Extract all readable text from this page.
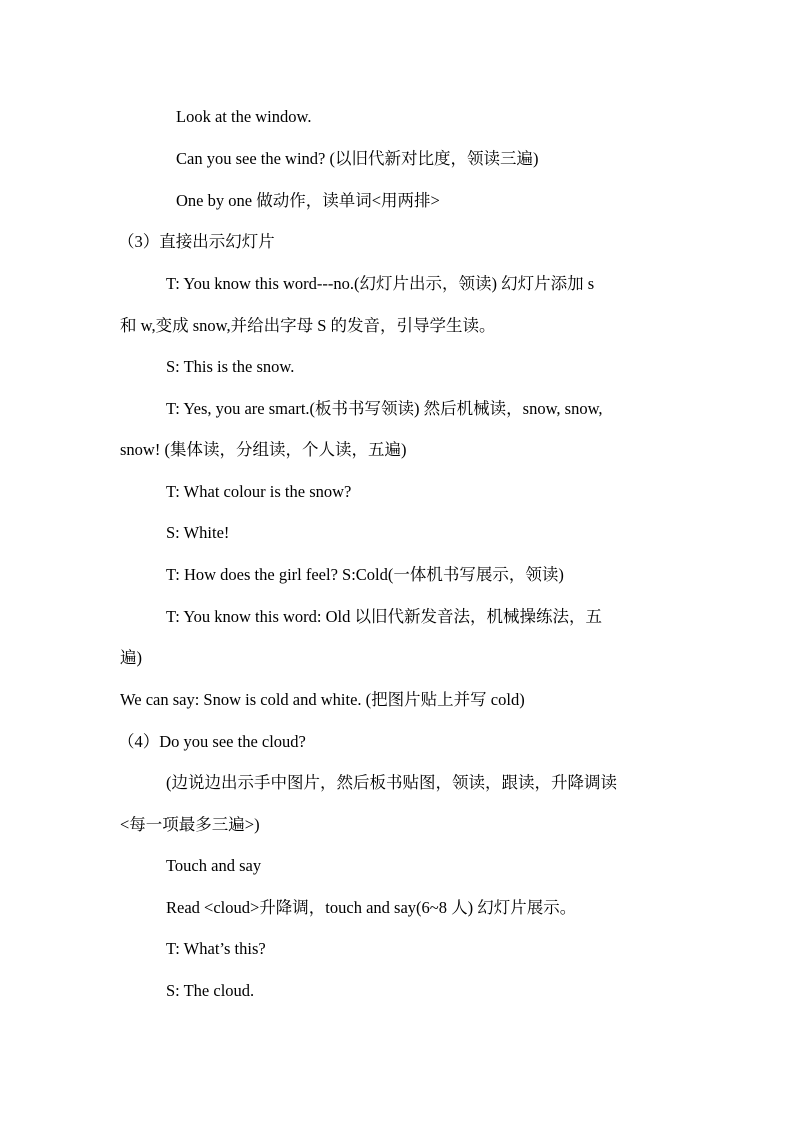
Look at the window.
Can you see the wind? (以旧代新对比度，领读三遍)
One by one 做动作，读单词<用两排>
（3）直接出示幻灯片
T: You know this word---no.(幻灯片出示，领读) 幻灯片添加 s
和 w,变成 snow,并给出字母 S 的发音，引导学生读。
S: This is the snow.
T: Yes, you are smart.(板书书写领读) 然后机械读，snow, snow,
snow! (集体读，分组读，个人读，五遍)
T: What colour is the snow?
S: White!
T: How does the girl feel? S:Cold(一体机书写展示，领读)
T: You know this word: Old 以旧代新发音法，机械操练法，五
遍)
We can say: Snow is cold and white. (把图片贴上并写 cold)
（4）Do you see the cloud?
(边说边出示手中图片，然后板书贴图，领读，跟读，升降调读
<每一项最多三遍>)
Touch and say
Read <cloud>升降调，touch and say(6~8 人) 幻灯片展示。
T: What’s this?
S: The cloud.
